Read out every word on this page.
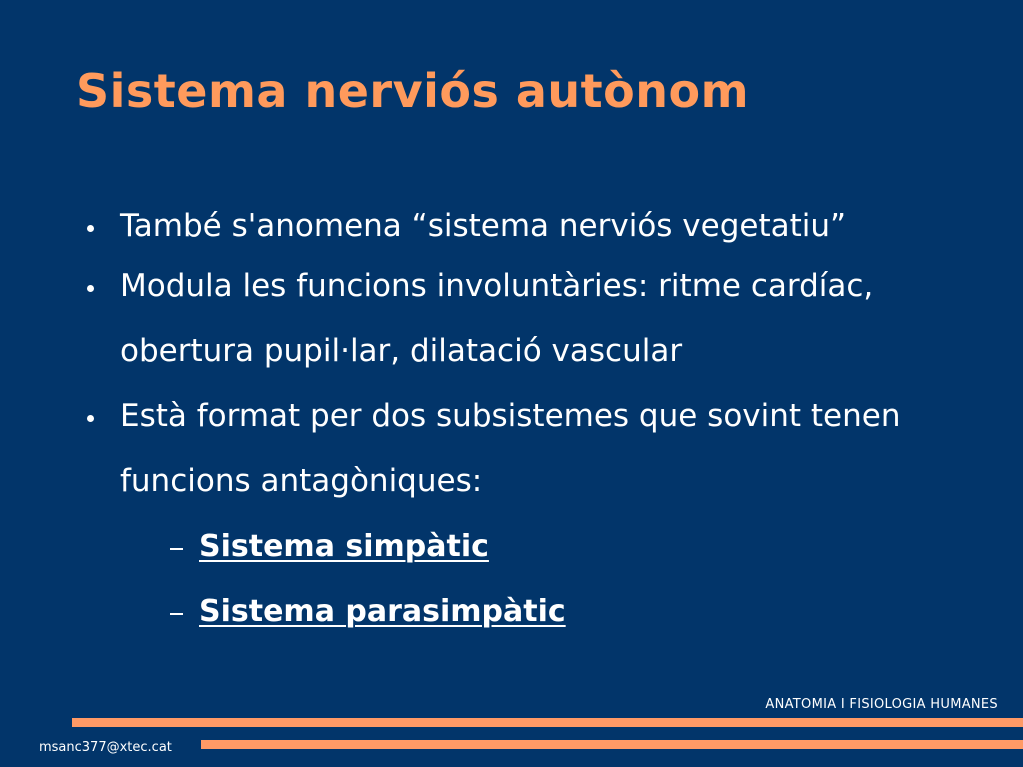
Sistema nerviós autònom
També s'anomena “sistema nerviós vegetatiu”
Modula les funcions involuntàries: ritme cardíac, obertura pupil·lar, dilatació vascular
Està format per dos subsistemes que sovint tenen funcions antagòniques:
Sistema simpàtic
Sistema parasimpàtic
ANATOMIA I FISIOLOGIA HUMANES
msanc377@xtec.cat
